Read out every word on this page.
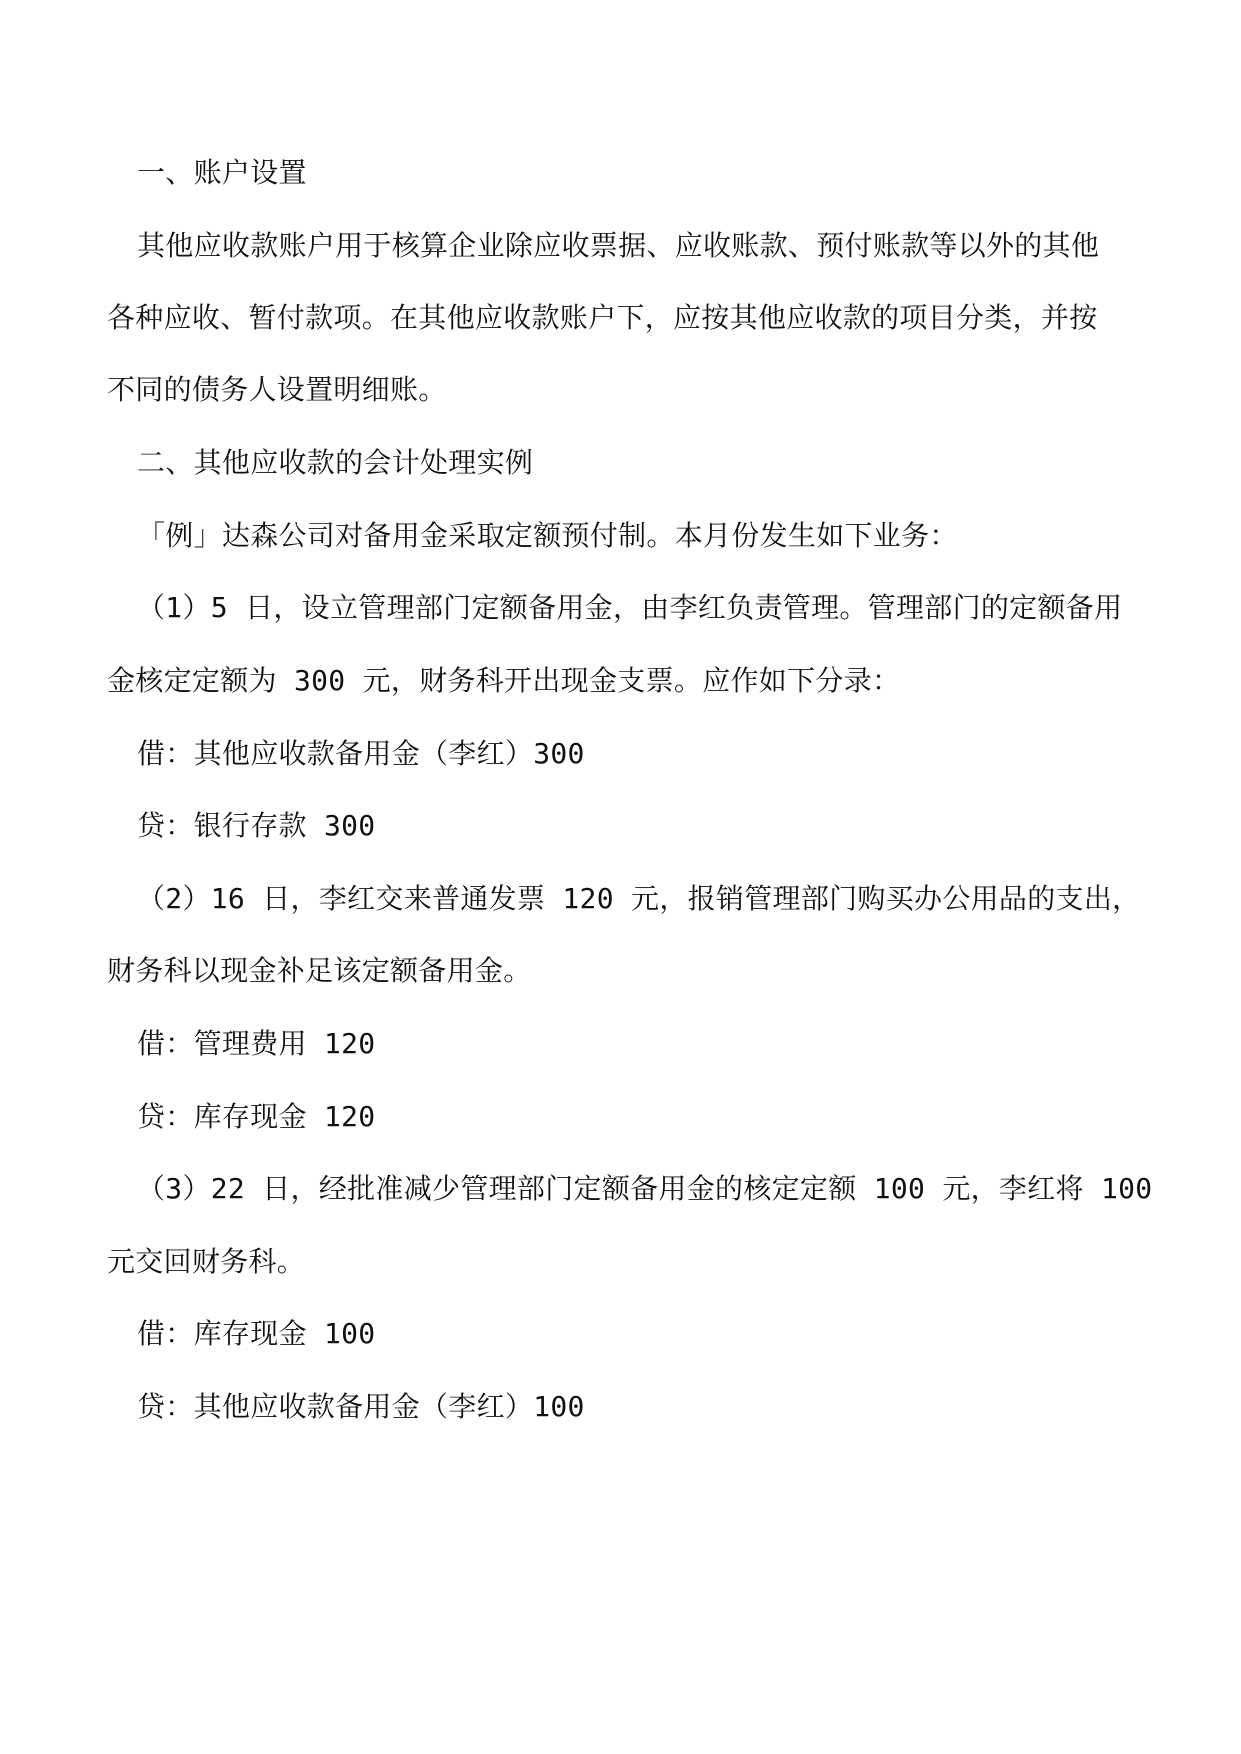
一、账户设置
其他应收款账户用于核算企业除应收票据、应收账款、预付账款等以外的其他
各种应收、暂付款项。在其他应收款账户下，应按其他应收款的项目分类，并按
不同的债务人设置明细账。
二、其他应收款的会计处理实例
「例」达森公司对备用金采取定额预付制。本月份发生如下业务：
（1）5 日，设立管理部门定额备用金，由李红负责管理。管理部门的定额备用
金核定定额为 300 元，财务科开出现金支票。应作如下分录：
借：其他应收款备用金（李红）300
贷：银行存款 300
（2）16 日，李红交来普通发票 120 元，报销管理部门购买办公用品的支出，
财务科以现金补足该定额备用金。
借：管理费用 120
贷：库存现金 120
（3）22 日，经批准减少管理部门定额备用金的核定定额 100 元，李红将 100
元交回财务科。
借：库存现金 100
贷：其他应收款备用金（李红）100
